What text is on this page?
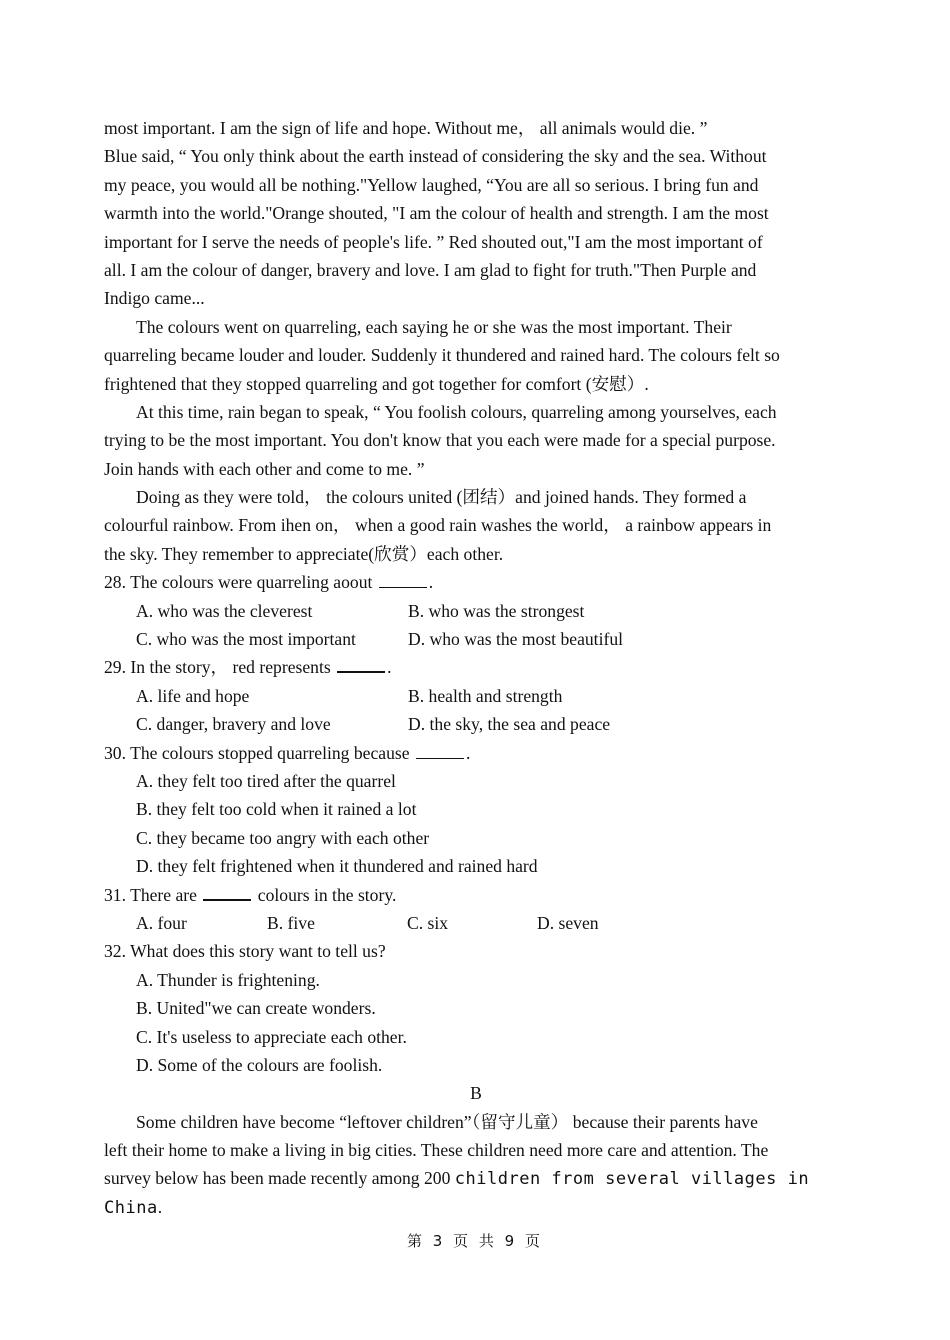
most important. I am the sign of life and hope. Without me， all animals would die. ”
Blue said, “ You only think about the earth instead of considering the sky and the sea. Without
my peace, you would all be nothing."Yellow laughed, “You are all so serious. I bring fun and
warmth into the world."Orange shouted, "I am the colour of health and strength. I am the most
important for I serve the needs of people's life. ” Red shouted out,"I am the most important of
all. I am the colour of danger, bravery and love. I am glad to fight for truth."Then Purple and
Indigo came...
The colours went on quarreling, each saying he or she was the most important. Their
quarreling became louder and louder. Suddenly it thundered and rained hard. The colours felt so
frightened that they stopped quarreling and got together for comfort (安慰）.
At this time, rain began to speak, “ You foolish colours, quarreling among yourselves, each
trying to be the most important. You don't know that you each were made for a special purpose.
Join hands with each other and come to me. ”
Doing as they were told， the colours united (团结）and joined hands. They formed a
colourful rainbow. From ihen on， when a good rain washes the world， a rainbow appears in
the sky. They remember to appreciate(欣赏）each other.
28. The colours were quarreling aoout	.
A. who was the cleverest	B. who was the strongest
C. who was the most important	D. who was the most beautiful
29. In the story， red represents	.
A. life and hope	B. health and strength
C. danger, bravery and love	D. the sky, the sea and peace
30. The colours stopped quarreling because	.
A. they felt too tired after the quarrel
B. they felt too cold when it rained a lot
C. they became too angry with each other
D. they felt frightened when it thundered and rained hard
31. There are	colours in the story.
A. four	B. five	C. six	D. seven
32. What does this story want to tell us?
A. Thunder is frightening.
B. United"we can create wonders.
C. It's useless to appreciate each other.
D. Some of the colours are foolish.
B
Some children have become “leftover children”（留守儿童） because their parents have
left their home to make a living in big cities. These children need more care and attention. The
survey below has been made recently among 200 children from several villages in
China.
第 3 页 共 9 页
